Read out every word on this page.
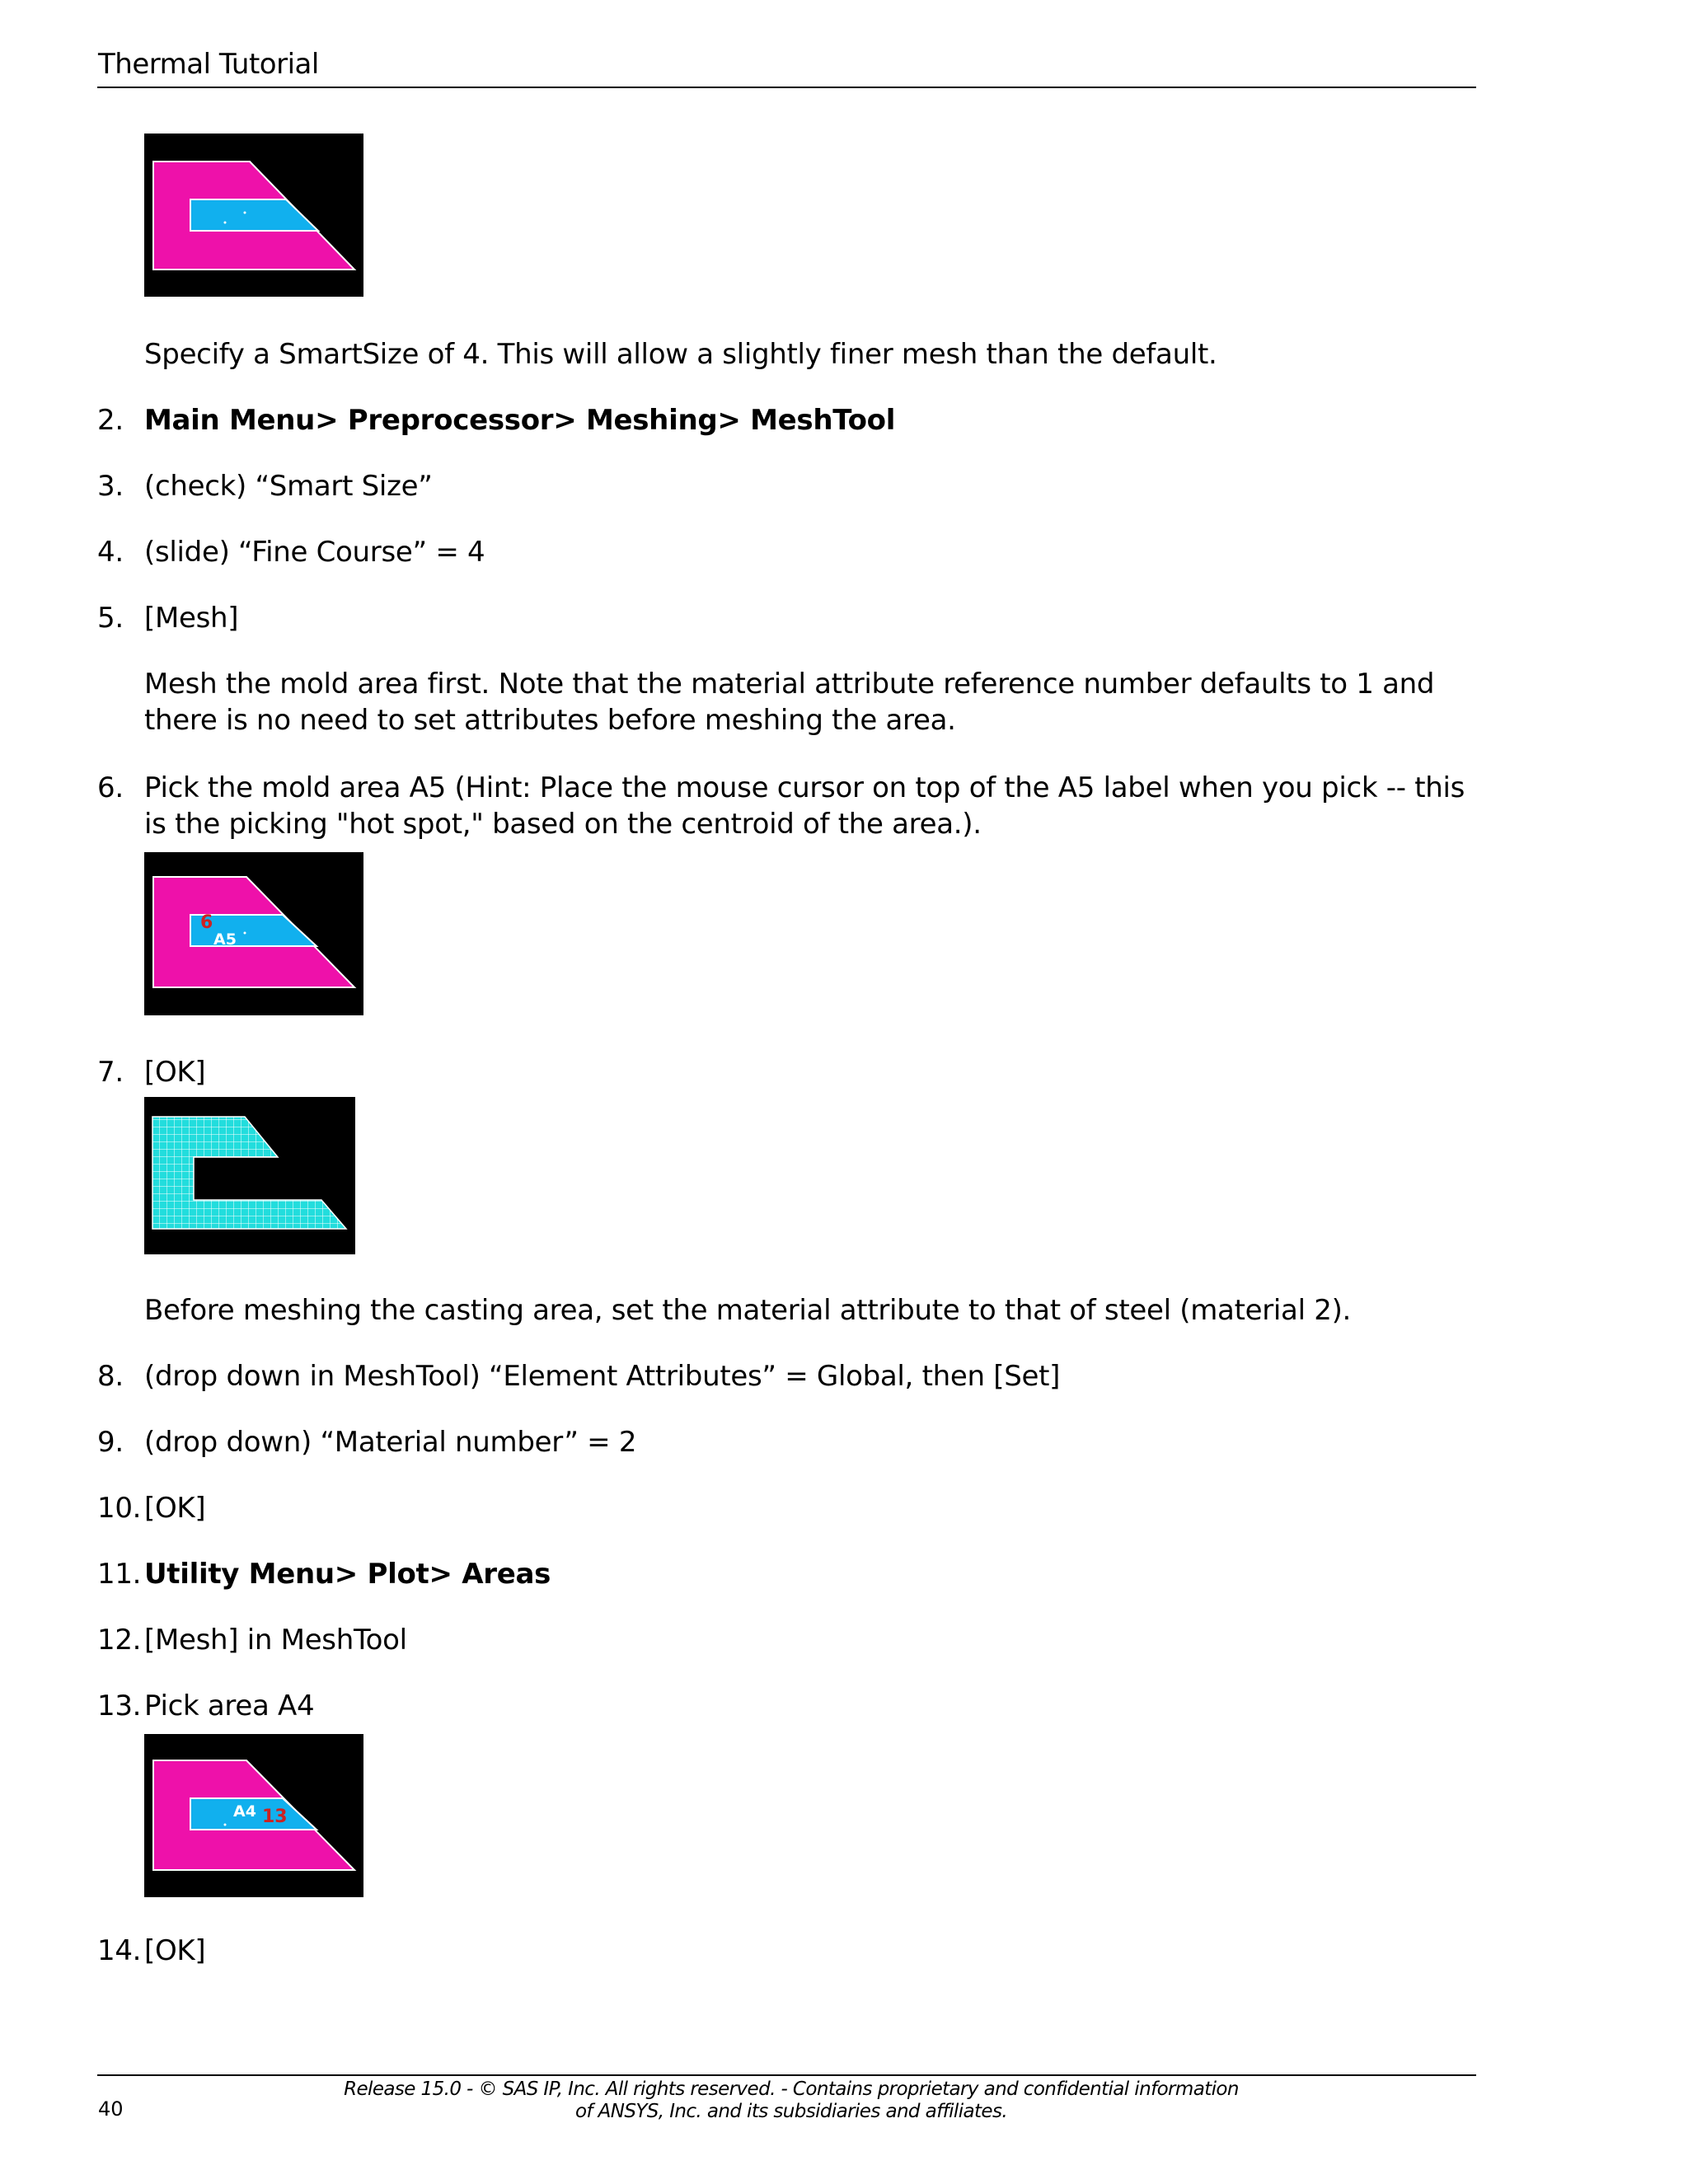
Thermal Tutorial
Specify a SmartSize of 4. This will allow a slightly finer mesh than the default.
2. Main Menu> Preprocessor> Meshing> MeshTool
3. (check) “Smart Size”
4. (slide) “Fine Course” = 4
5. [Mesh]
Mesh the mold area first. Note that the material attribute reference number defaults to 1 and there is no need to set attributes before meshing the area.
6. Pick the mold area A5 (Hint: Place the mouse cursor on top of the A5 label when you pick -- this is the picking "hot spot," based on the centroid of the area.).
6
A5
7. [OK]
Before meshing the casting area, set the material attribute to that of steel (material 2).
8. (drop down in MeshTool) “Element Attributes” = Global, then [Set]
9. (drop down) “Material number” = 2
10. [OK]
11. Utility Menu> Plot> Areas
12. [Mesh] in MeshTool
13. Pick area A4
A4 13
14. [OK]
Release 15.0 - © SAS IP, Inc. All rights reserved. - Contains proprietary and confidential information
of ANSYS, Inc. and its subsidiaries and affiliates.
40
